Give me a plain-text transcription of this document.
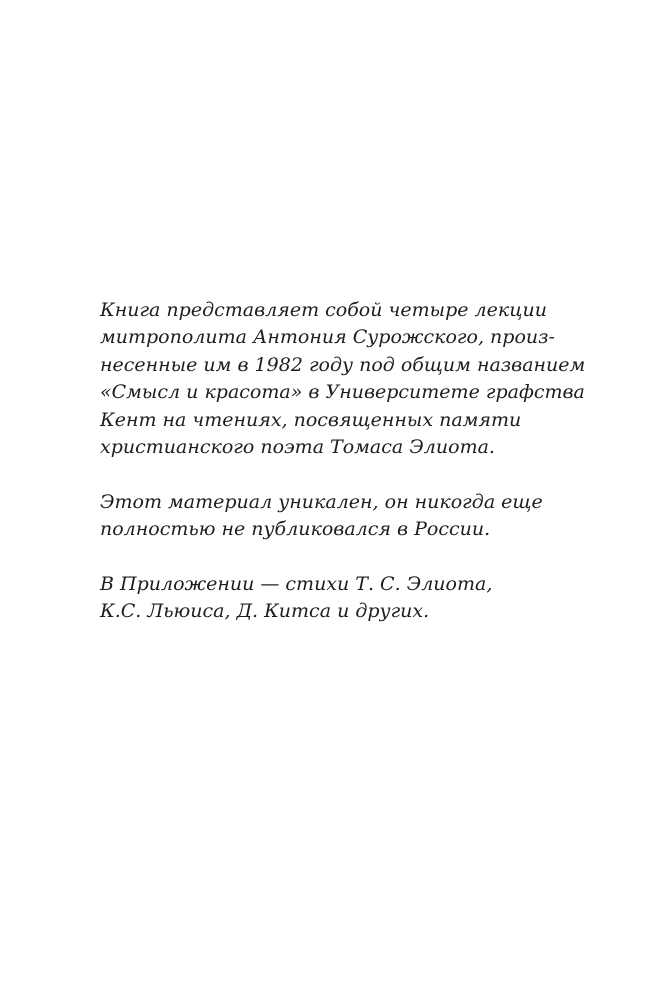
Книга представляет собой четыре лекции
митрополита Антония Сурожского, произ-
несенные им в 1982 году под общим названием
«Смысл и красота» в Университете графства
Кент на чтениях, посвященных памяти
христианского поэта Томаса Элиота.

Этот материал уникален, он никогда еще
полностью не публиковался в России.

В Приложении — стихи Т. С. Элиота,
К.С. Льюиса, Д. Китса и других.
